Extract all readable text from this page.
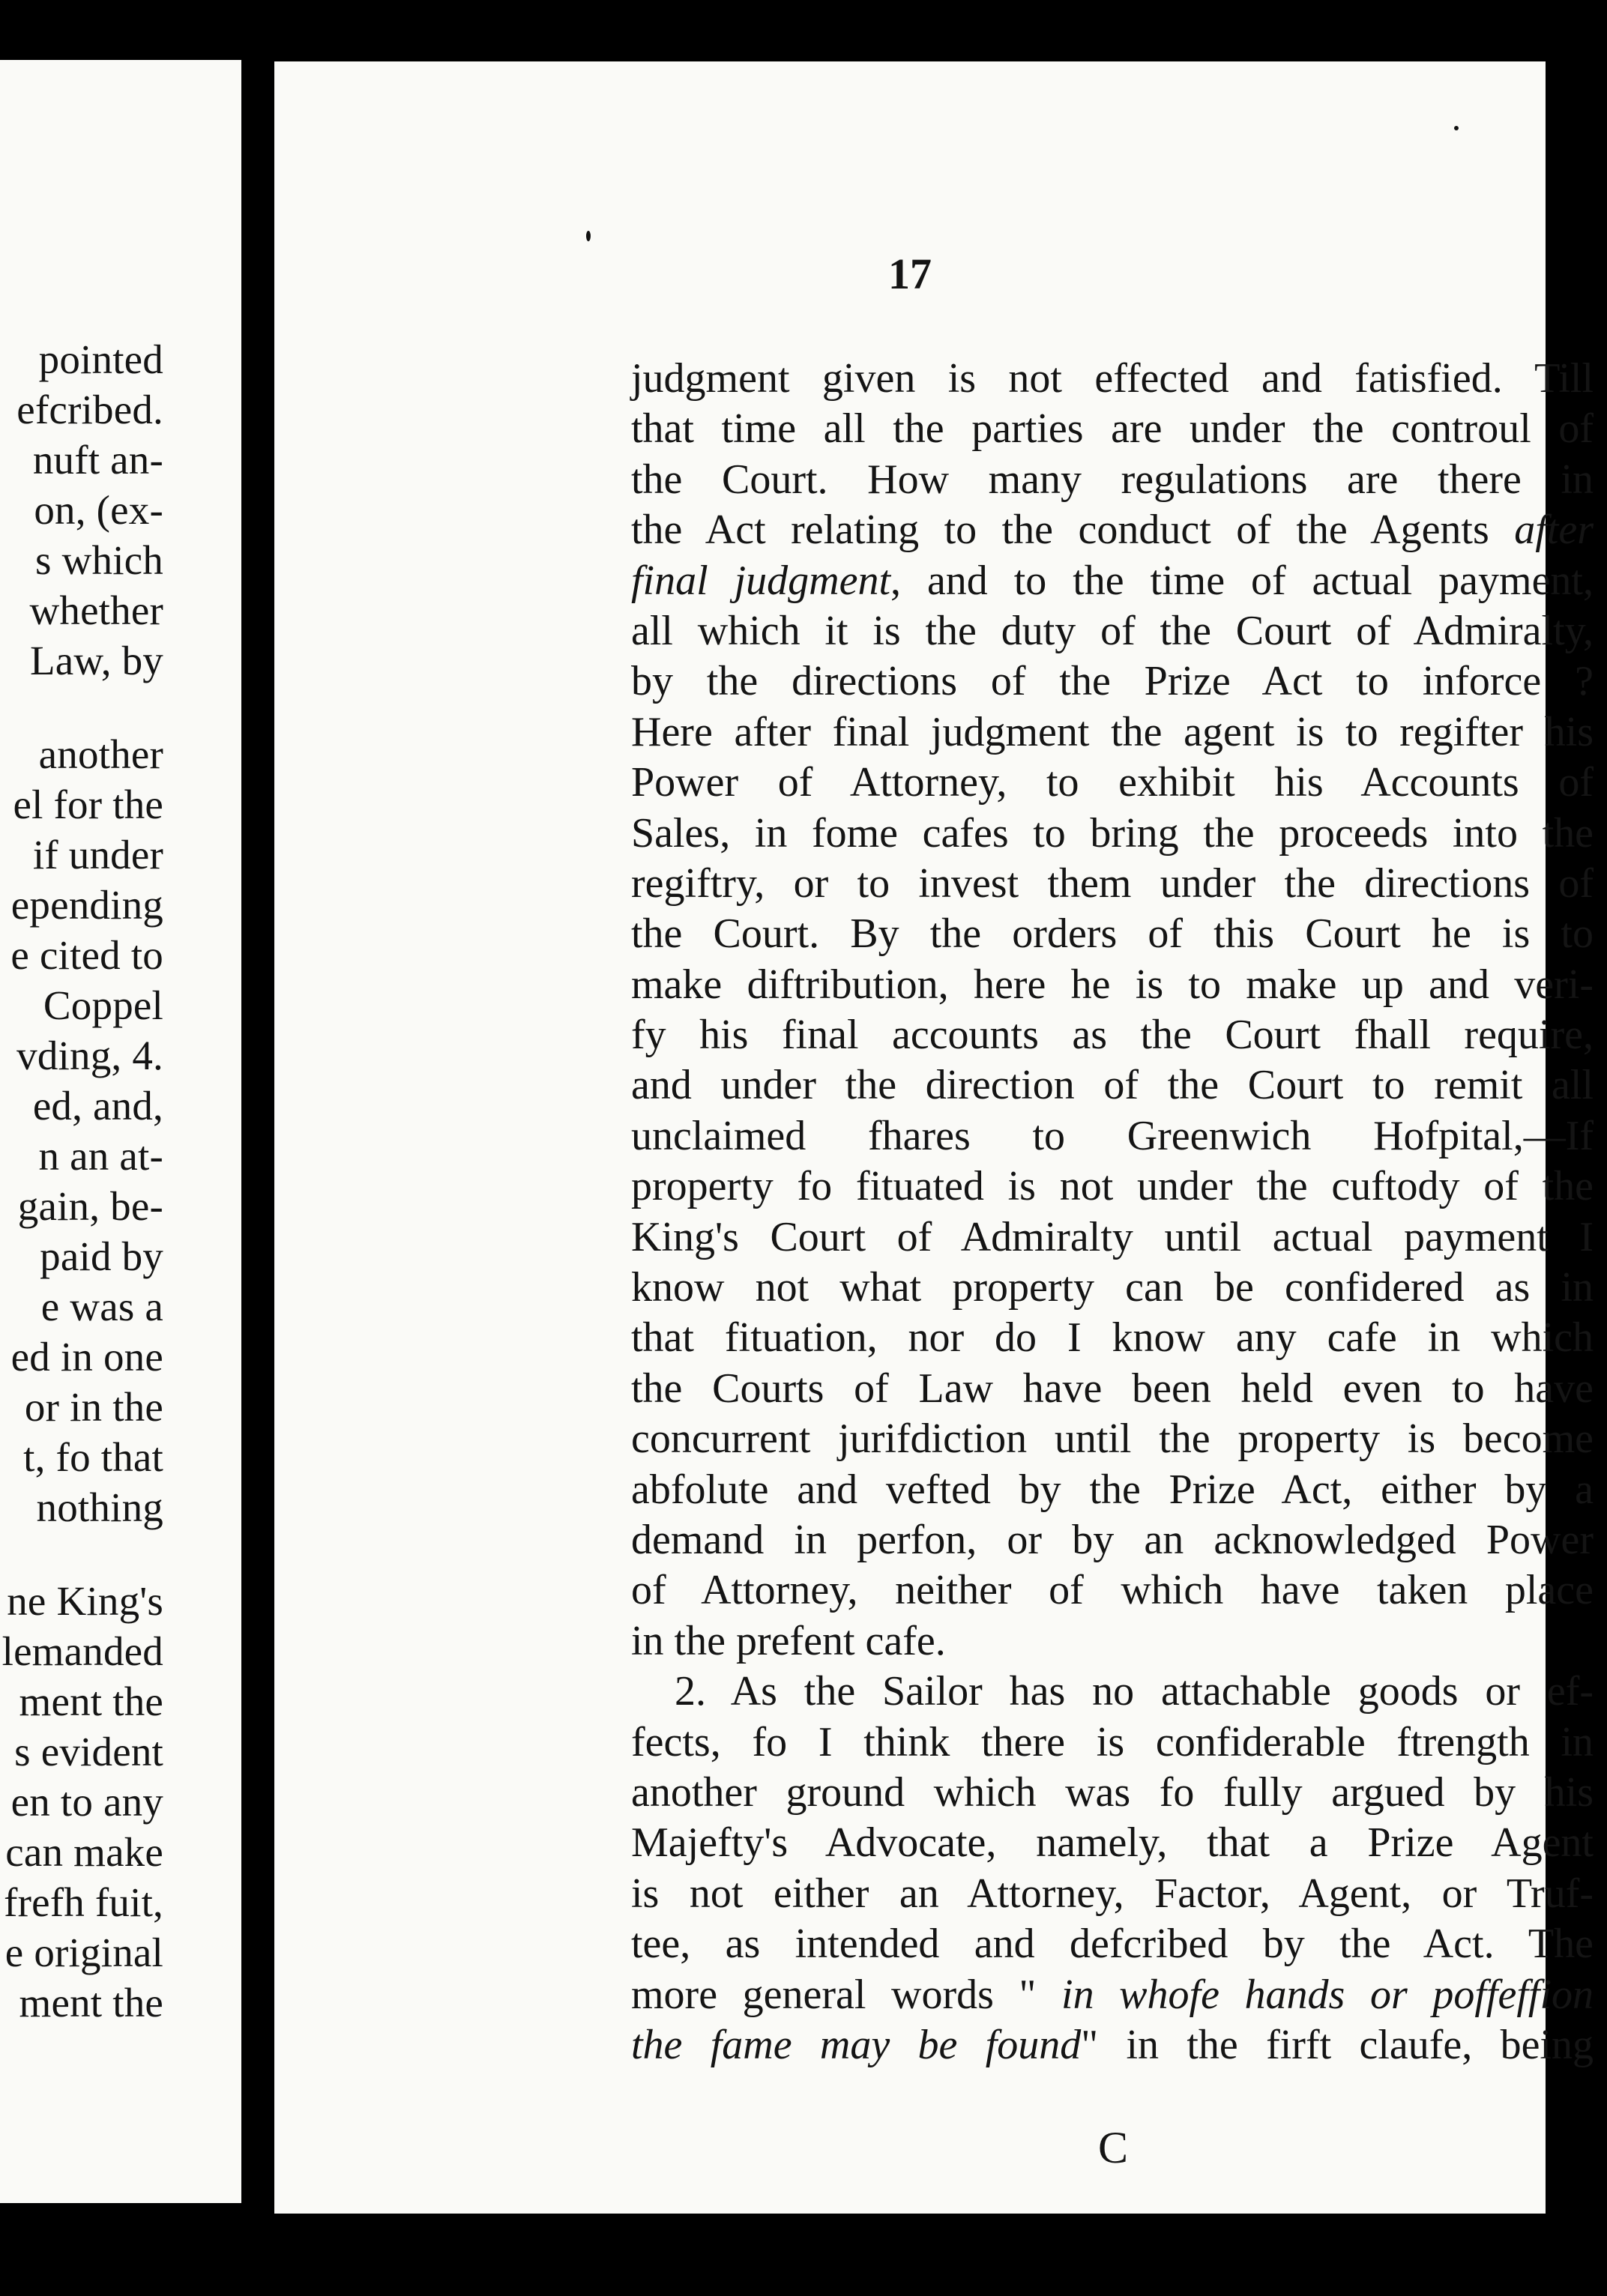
pointed
efcribed.
nuft an-
on, (ex-
s which
whether
Law, by
another
el for the
if under
epending
e cited to
Coppel
vding, 4.
ed, and,
n an at-
gain, be-
paid by
e was a
ed in one
or in the
t, fo that
nothing
ne King's
lemanded
ment the
s evident
en to any
can make
frefh fuit,
e original
ment the
17
judgment given is not effected and fatisfied. Till
that time all the parties are under the controul of
the Court. How many regulations are there in
the Act relating to the conduct of the Agents after
final judgment, and to the time of actual payment,
all which it is the duty of the Court of Admiralty,
by the directions of the Prize Act to inforce ?
Here after final judgment the agent is to regifter his
Power of Attorney, to exhibit his Accounts of
Sales, in fome cafes to bring the proceeds into the
regiftry, or to invest them under the directions of
the Court. By the orders of this Court he is to
make diftribution, here he is to make up and veri-
fy his final accounts as the Court fhall require,
and under the direction of the Court to remit all
unclaimed fhares to Greenwich Hofpital,—If
property fo fituated is not under the cuftody of the
King's Court of Admiralty until actual payment I
know not what property can be confidered as in
that fituation, nor do I know any cafe in which
the Courts of Law have been held even to have
concurrent jurifdiction until the property is become
abfolute and vefted by the Prize Act, either by a
demand in perfon, or by an acknowledged Power
of Attorney, neither of which have taken place
in the prefent cafe.
2. As the Sailor has no attachable goods or ef-
fects, fo I think there is confiderable ftrength in
another ground which was fo fully argued by his
Majefty's Advocate, namely, that a Prize Agent
is not either an Attorney, Factor, Agent, or Truf-
tee, as intended and defcribed by the Act. The
more general words " in whofe hands or poffeffion
the fame may be found" in the firft claufe, being
C
